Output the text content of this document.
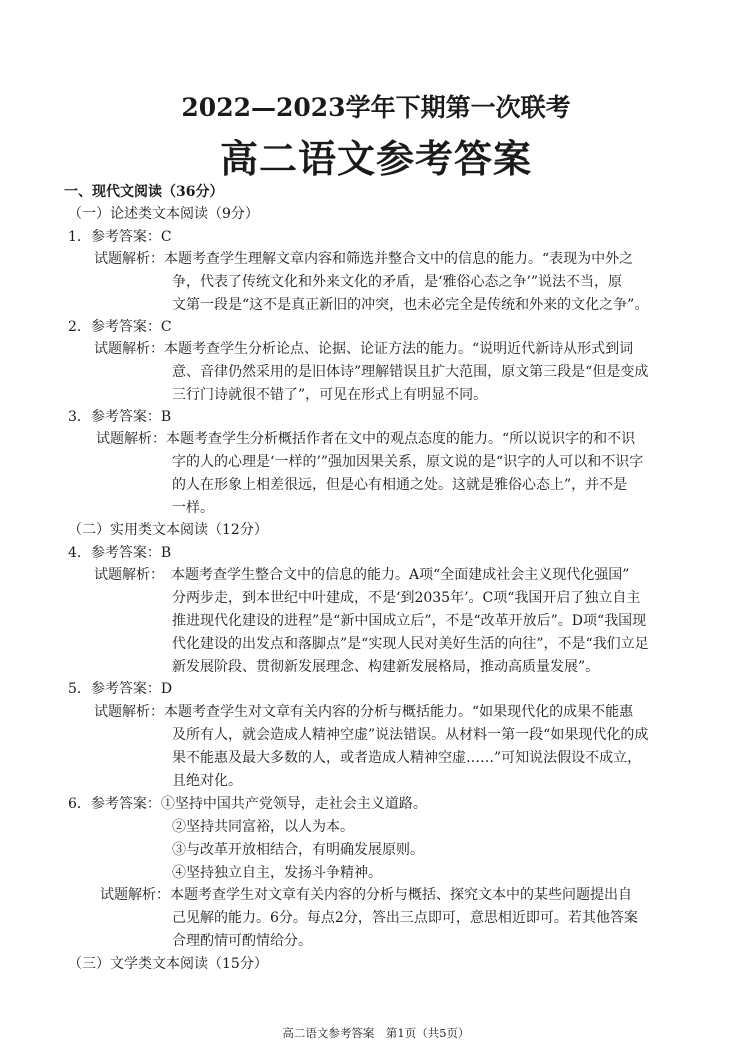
2022—2023学年下期第一次联考
高二语文参考答案
一、现代文阅读（36分）
（一）论述类文本阅读（9分）
1．参考答案：C
试题解析：本题考查学生理解文章内容和筛选并整合文中的信息的能力。“表现为中外之
争，代表了传统文化和外来文化的矛盾，是‘雅俗心态之争’”说法不当，原
文第一段是“这不是真正新旧的冲突，也未必完全是传统和外来的文化之争”。
2．参考答案：C
试题解析：本题考查学生分析论点、论据、论证方法的能力。“说明近代新诗从形式到词
意、音律仍然采用的是旧体诗”理解错误且扩大范围，原文第三段是“但是变成
三行门诗就很不错了”，可见在形式上有明显不同。
3．参考答案：B
试题解析：本题考查学生分析概括作者在文中的观点态度的能力。“所以说识字的和不识
字的人的心理是‘一样的’”强加因果关系，原文说的是“识字的人可以和不识字
的人在形象上相差很远，但是心有相通之处。这就是雅俗心态上”，并不是
一样。
（二）实用类文本阅读（12分）
4．参考答案：B
试题解析：　本题考查学生整合文中的信息的能力。A项“全面建成社会主义现代化强国”
分两步走，到本世纪中叶建成，不是‘到2035年’。C项“我国开启了独立自主
推进现代化建设的进程”是“新中国成立后”，不是“改革开放后”。D项“我国现
代化建设的出发点和落脚点”是“实现人民对美好生活的向往”，不是“我们立足
新发展阶段、贯彻新发展理念、构建新发展格局，推动高质量发展”。
5．参考答案：D
试题解析：本题考查学生对文章有关内容的分析与概括能力。“如果现代化的成果不能惠
及所有人，就会造成人精神空虚”说法错误。从材料一第一段“如果现代化的成
果不能惠及最大多数的人，或者造成人精神空虚……”可知说法假设不成立，
且绝对化。
6．参考答案：①坚持中国共产党领导，走社会主义道路。
②坚持共同富裕，以人为本。
③与改革开放相结合，有明确发展原则。
④坚持独立自主，发扬斗争精神。
试题解析：本题考查学生对文章有关内容的分析与概括、探究文本中的某些问题提出自
己见解的能力。6分。每点2分，答出三点即可，意思相近即可。若其他答案
合理酌情可酌情给分。
（三）文学类文本阅读（15分）
高二语文参考答案　第1页（共5页）
